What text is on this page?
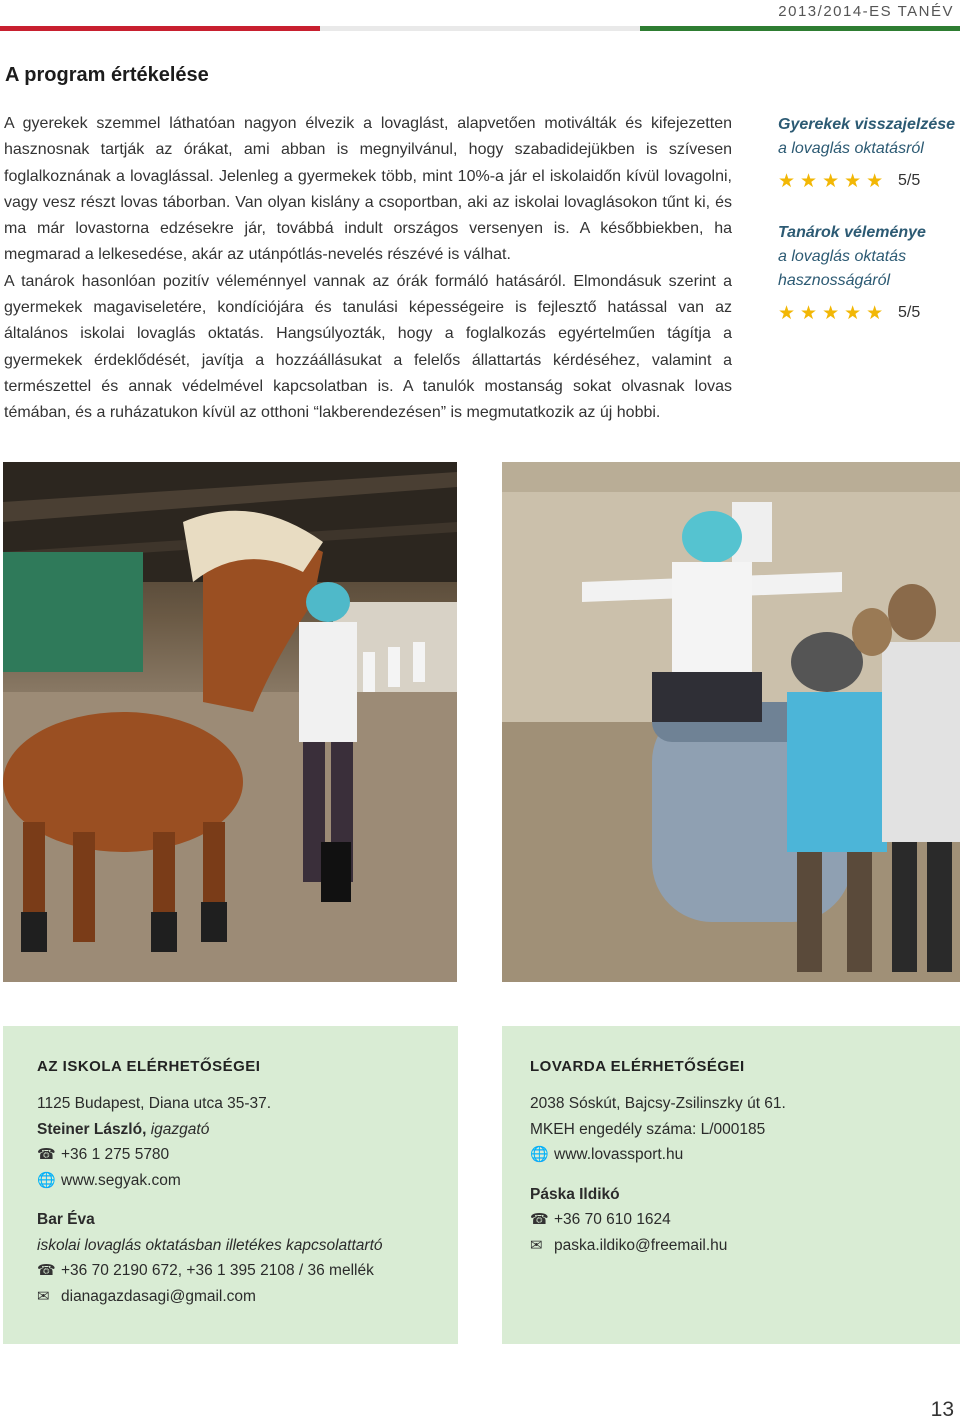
2013/2014-ES TANÉV
A program értékelése

A gyerekek szemmel láthatóan nagyon élvezik a lovaglást, alapvetően motiválták és kifejezetten hasznosnak tartják az órákat, ami abban is megnyilvánul, hogy szabadidejükben is szívesen foglalkoznának a lovaglással. Jelenleg a gyermekek több, mint 10%-a jár el iskolaidőn kívül lovagolni, vagy vesz részt lovas táborban. Van olyan kislány a csoportban, aki az iskolai lovaglásokon tűnt ki, és ma már lovastorna edzésekre jár, továbbá indult országos versenyen is. A későbbiekben, ha megmarad a lelkesedése, akár az utánpótlás-nevelés részévé is válhat.

A tanárok hasonlóan pozitív véleménnyel vannak az órák formáló hatásáról. Elmondásuk szerint a gyermekek magaviseletére, kondíciójára és tanulási képességeire is fejlesztő hatással van az általános iskolai lovaglás oktatás. Hangsúlyozták, hogy a foglalkozás egyértelműen tágítja a gyermekek érdeklődését, javítja a hozzáállásukat a felelős állattartás kérdéséhez, valamint a természettel és annak védelmével kapcsolatban is. A tanulók mostanság sokat olvasnak lovas témában, és a ruházatukon kívül az otthoni “lakberendezésen” is megmutatkozik az új hobbi.

Gyerekek visszajelzése
a lovaglás oktatásról
★★★★★ 5/5
Tanárok véleménye
a lovaglás oktatás
hasznosságáról
★★★★★ 5/5
AZ ISKOLA ELÉRHETŐSÉGEI
1125 Budapest, Diana utca 35-37.
Steiner László,
igazgató
☎ +36 1 275 5780
🌐 www.segyak.com
Bar Éva
iskolai lovaglás oktatásban illetékes kapcsolattartó
☎ +36 70 2190 672, +36 1 395 2108 / 36 mellék
✉ dianagazdasagi@gmail.com
LOVARDA ELÉRHETŐSÉGEI
2038 Sóskút, Bajcsy-Zsilinszky út 61.
MKEH engedély száma: L/000185
🌐 www.lovassport.hu
Páska Ildikó
☎ +36 70 610 1624
✉ paska.ildiko@freemail.hu
13
